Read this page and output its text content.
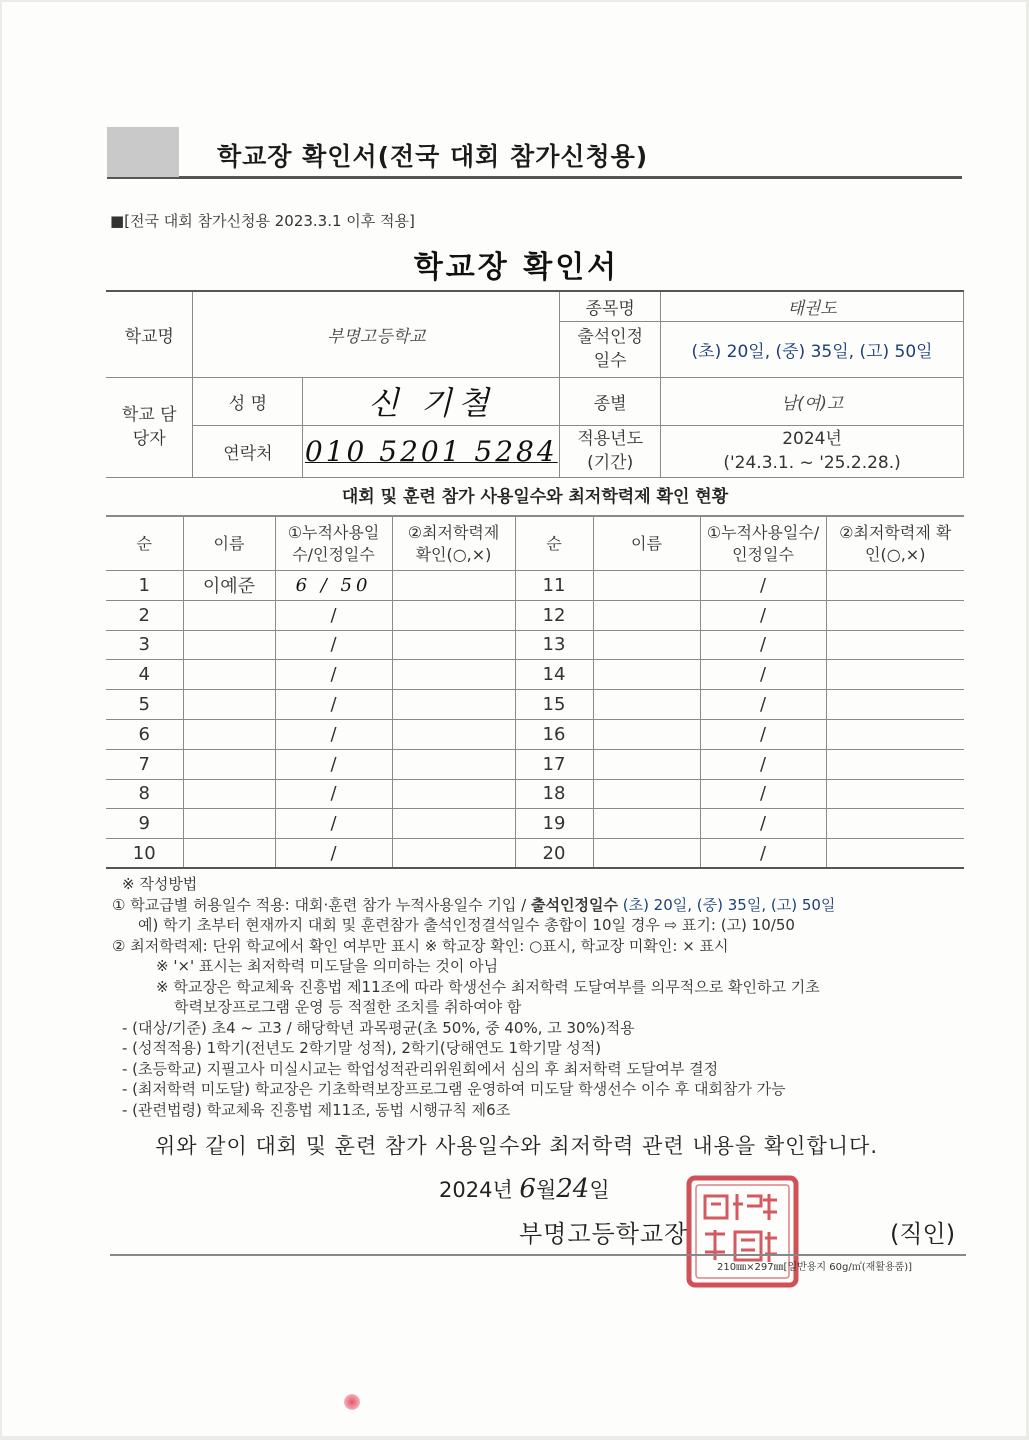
학교장 확인서(전국 대회 참가신청용)
■[전국 대회 참가신청용 2023.3.1 이후 적용]
학교장 확인서
학교명	부명고등학교		종목명	태권도
			출석인정 일수	(초) 20일, (중) 35일, (고) 50일
학교 담당자	성 명	신 기철	종별	남(여)고
	연락처	010 5201 5284	적용년도 (기간)	2024년
('24.3.1. ~ '25.2.28.)
대회 및 훈련 참가 사용일수와 최저학력제 확인 현황
순	이름	①누적사용일수/인정일수	②최저학력제 확인(○,×)	순	이름	①누적사용일수/인정일수	②최저학력제 확인(○,×)
1	이예준	6 / 50		11		/	
2		/		12		/	
3		/		13		/	
4		/		14		/	
5		/		15		/	
6		/		16		/	
7		/		17		/	
8		/		18		/	
9		/		19		/	
10		/		20		/	
※ 작성방법
① 학교급별 허용일수 적용: 대회·훈련 참가 누적사용일수 기입 / 출석인정일수 (초) 20일, (중) 35일, (고) 50일
예) 학기 초부터 현재까지 대회 및 훈련참가 출석인정결석일수 총합이 10일 경우 ⇨ 표기: (고) 10/50
② 최저학력제: 단위 학교에서 확인 여부만 표시 ※ 학교장 확인: ○표시, 학교장 미확인: × 표시
※ '×' 표시는 최저학력 미도달을 의미하는 것이 아님
※ 학교장은 학교체육 진흥법 제11조에 따라 학생선수 최저학력 도달여부를 의무적으로 확인하고 기초
학력보장프로그램 운영 등 적절한 조치를 취하여야 함
- (대상/기준) 초4 ~ 고3 / 해당학년 과목평균(초 50%, 중 40%, 고 30%)적용
- (성적적용) 1학기(전년도 2학기말 성적), 2학기(당해연도 1학기말 성적)
- (초등학교) 지필고사 미실시교는 학업성적관리위원회에서 심의 후 최저학력 도달여부 결정
- (최저학력 미도달) 학교장은 기초학력보장프로그램 운영하여 미도달 학생선수 이수 후 대회참가 가능
- (관련법령) 학교체육 진흥법 제11조, 동법 시행규칙 제6조
위와 같이 대회 및 훈련 참가 사용일수와 최저학력 관련 내용을 확인합니다.
2024년 6월24일
부명고등학교장	(직인)
210㎜×297㎜[일반용지 60g/㎡(재활용품)]
